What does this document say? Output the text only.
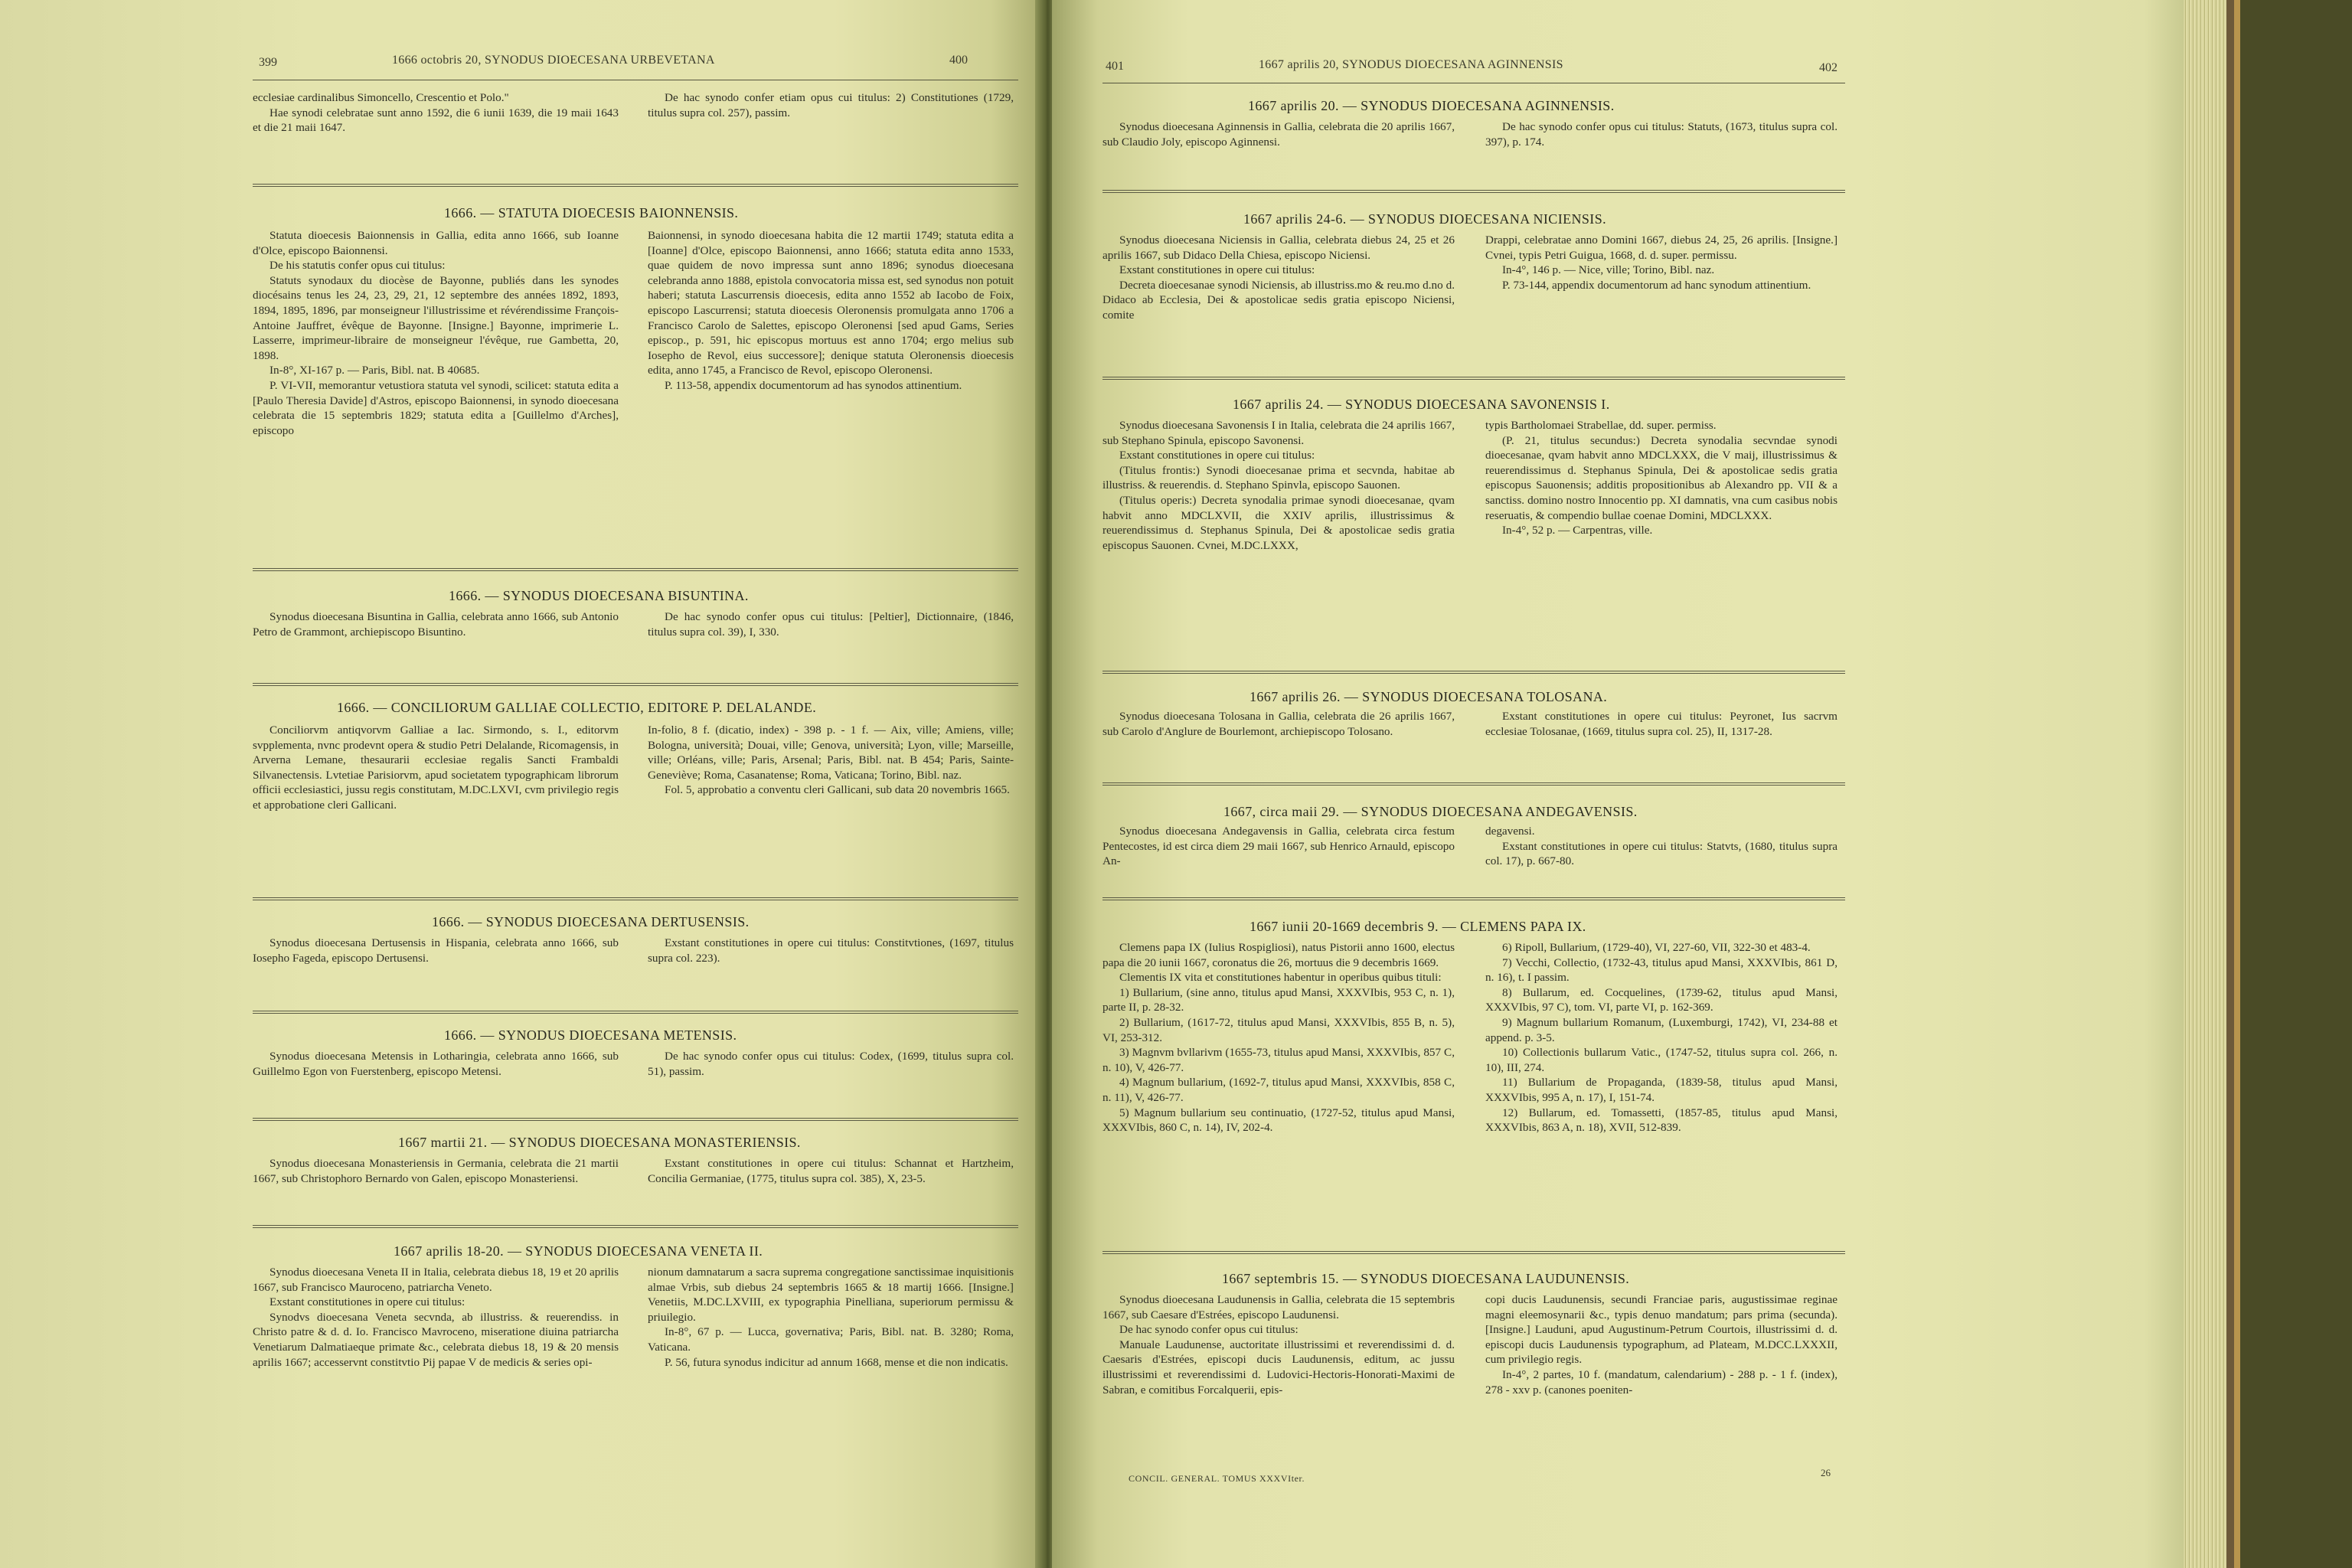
399	1666 octobris 20, SYNODUS DIOECESANA URBEVETANA	400

ecclesiae cardinalibus Simoncello, Crescentio et Polo."

Hae synodi celebratae sunt anno 1592, die 6 iunii 1639, die 19 maii 1643 et die 21 maii 1647.

De hac synodo confer etiam opus cui titulus: 2) Constitutiones (1729, titulus supra col. 257), passim.

1666. — STATUTA DIOECESIS BAIONNENSIS.

Statuta dioecesis Baionnensis in Gallia, edita anno 1666, sub Ioanne d'Olce, episcopo Baionnensi.

De his statutis confer opus cui titulus:

Statuts synodaux du diocèse de Bayonne, publiés dans les synodes diocésains tenus les 24, 23, 29, 21, 12 septembre des années 1892, 1893, 1894, 1895, 1896, par monseigneur l'illustrissime et révérendissime François-Antoine Jauffret, évêque de Bayonne. [Insigne.] Bayonne, imprimerie L. Lasserre, imprimeur-libraire de monseigneur l'évêque, rue Gambetta, 20, 1898.

In-8°, XI-167 p. — Paris, Bibl. nat. B 40685.

P. VI-VII, memorantur vetustiora statuta vel synodi, scilicet: statuta edita a [Paulo Theresia Davide] d'Astros, episcopo Baionnensi, in synodo dioecesana celebrata die 15 septembris 1829; statuta edita a [Guillelmo d'Arches], episcopo

Baionnensi, in synodo dioecesana habita die 12 martii 1749; statuta edita a [Ioanne] d'Olce, episcopo Baionnensi, anno 1666; statuta edita anno 1533, quae quidem de novo impressa sunt anno 1896; synodus dioecesana celebranda anno 1888, epistola convocatoria missa est, sed synodus non potuit haberi; statuta Lascurrensis dioecesis, edita anno 1552 ab Iacobo de Foix, episcopo Lascurrensi; statuta dioecesis Oleronensis promulgata anno 1706 a Francisco Carolo de Salettes, episcopo Oleronensi [sed apud Gams, Series episcop., p. 591, hic episcopus mortuus est anno 1704; ergo melius sub Iosepho de Revol, eius successore]; denique statuta Oleronensis dioecesis edita, anno 1745, a Francisco de Revol, episcopo Oleronensi.

P. 113-58, appendix documentorum ad has synodos attinentium.

1666. — SYNODUS DIOECESANA BISUNTINA.

Synodus dioecesana Bisuntina in Gallia, celebrata anno 1666, sub Antonio Petro de Grammont, archiepiscopo Bisuntino.

De hac synodo confer opus cui titulus: [Peltier], Dictionnaire, (1846, titulus supra col. 39), I, 330.

1666. — CONCILIORUM GALLIAE COLLECTIO, EDITORE P. DELALANDE.

Conciliorvm antiqvorvm Galliae a Iac. Sirmondo, s. I., editorvm svpplementa, nvnc prodevnt opera & studio Petri Delalande, Ricomagensis, in Arverna Lemane, thesaurarii ecclesiae regalis Sancti Frambaldi Silvanectensis. Lvtetiae Parisiorvm, apud societatem typographicam librorum officii ecclesiastici, jussu regis constitutam, M.DC.LXVI, cvm privilegio regis et approbatione cleri Gallicani.

In-folio, 8 f. (dicatio, index) - 398 p. - 1 f. — Aix, ville; Amiens, ville; Bologna, università; Douai, ville; Genova, università; Lyon, ville; Marseille, ville; Orléans, ville; Paris, Arsenal; Paris, Bibl. nat. B 454; Paris, Sainte-Geneviève; Roma, Casanatense; Roma, Vaticana; Torino, Bibl. naz.

Fol. 5, approbatio a conventu cleri Gallicani, sub data 20 novembris 1665.

1666. — SYNODUS DIOECESANA DERTUSENSIS.

Synodus dioecesana Dertusensis in Hispania, celebrata anno 1666, sub Iosepho Fageda, episcopo Dertusensi.

Exstant constitutiones in opere cui titulus: Constitvtiones, (1697, titulus supra col. 223).

1666. — SYNODUS DIOECESANA METENSIS.

Synodus dioecesana Metensis in Lotharingia, celebrata anno 1666, sub Guillelmo Egon von Fuerstenberg, episcopo Metensi.

De hac synodo confer opus cui titulus: Codex, (1699, titulus supra col. 51), passim.

1667 martii 21. — SYNODUS DIOECESANA MONASTERIENSIS.

Synodus dioecesana Monasteriensis in Germania, celebrata die 21 martii 1667, sub Christophoro Bernardo von Galen, episcopo Monasteriensi.

Exstant constitutiones in opere cui titulus: Schannat et Hartzheim, Concilia Germaniae, (1775, titulus supra col. 385), X, 23-5.

1667 aprilis 18-20. — SYNODUS DIOECESANA VENETA II.

Synodus dioecesana Veneta II in Italia, celebrata diebus 18, 19 et 20 aprilis 1667, sub Francisco Mauroceno, patriarcha Veneto.

Exstant constitutiones in opere cui titulus:

Synodvs dioecesana Veneta secvnda, ab illustriss. & reuerendiss. in Christo patre & d. d. Io. Francisco Mavroceno, miseratione diuina patriarcha Venetiarum Dalmatiaeque primate &c., celebrata diebus 18, 19 & 20 mensis aprilis 1667; accesservnt constitvtio Pij papae V de medicis & series opi-

nionum damnatarum a sacra suprema congregatione sanctissimae inquisitionis almae Vrbis, sub diebus 24 septembris 1665 & 18 martij 1666. [Insigne.] Venetiis, M.DC.LXVIII, ex typographia Pinelliana, superiorum permissu & priuilegio.

In-8°, 67 p. — Lucca, governativa; Paris, Bibl. nat. B. 3280; Roma, Vaticana.

P. 56, futura synodus indicitur ad annum 1668, mense et die non indicatis.

401	1667 aprilis 20, SYNODUS DIOECESANA AGINNENSIS	402
1667 aprilis 20. — SYNODUS DIOECESANA AGINNENSIS.

Synodus dioecesana Aginnensis in Gallia, celebrata die 20 aprilis 1667, sub Claudio Joly, episcopo Aginnensi.

De hac synodo confer opus cui titulus: Statuts, (1673, titulus supra col. 397), p. 174.

1667 aprilis 24-6. — SYNODUS DIOECESANA NICIENSIS.

Synodus dioecesana Niciensis in Gallia, celebrata diebus 24, 25 et 26 aprilis 1667, sub Didaco Della Chiesa, episcopo Niciensi.

Exstant constitutiones in opere cui titulus:

Decreta dioecesanae synodi Niciensis, ab illustriss.mo & reu.mo d.no d. Didaco ab Ecclesia, Dei & apostolicae sedis gratia episcopo Niciensi, comite

Drappi, celebratae anno Domini 1667, diebus 24, 25, 26 aprilis. [Insigne.] Cvnei, typis Petri Guigua, 1668, d. d. super. permissu.

In-4°, 146 p. — Nice, ville; Torino, Bibl. naz.

P. 73-144, appendix documentorum ad hanc synodum attinentium.

1667 aprilis 24. — SYNODUS DIOECESANA SAVONENSIS I.

Synodus dioecesana Savonensis I in Italia, celebrata die 24 aprilis 1667, sub Stephano Spinula, episcopo Savonensi.

Exstant constitutiones in opere cui titulus:

(Titulus frontis:) Synodi dioecesanae prima et secvnda, habitae ab illustriss. & reuerendis. d. Stephano Spinvla, episcopo Sauonen.

(Titulus operis:) Decreta synodalia primae synodi dioecesanae, qvam habvit anno MDCLXVII, die XXIV aprilis, illustrissimus & reuerendissimus d. Stephanus Spinula, Dei & apostolicae sedis gratia episcopus Sauonen. Cvnei, M.DC.LXXX,

typis Bartholomaei Strabellae, dd. super. permiss.

(P. 21, titulus secundus:) Decreta synodalia secvndae synodi dioecesanae, qvam habvit anno MDCLXXX, die V maij, illustrissimus & reuerendissimus d. Stephanus Spinula, Dei & apostolicae sedis gratia episcopus Sauonensis; additis propositionibus ab Alexandro pp. VII & a sanctiss. domino nostro Innocentio pp. XI damnatis, vna cum casibus nobis reseruatis, & compendio bullae coenae Domini, MDCLXXX.

In-4°, 52 p. — Carpentras, ville.

1667 aprilis 26. — SYNODUS DIOECESANA TOLOSANA.

Synodus dioecesana Tolosana in Gallia, celebrata die 26 aprilis 1667, sub Carolo d'Anglure de Bourlemont, archiepiscopo Tolosano.

Exstant constitutiones in opere cui titulus: Peyronet, Ius sacrvm ecclesiae Tolosanae, (1669, titulus supra col. 25), II, 1317-28.

1667, circa maii 29. — SYNODUS DIOECESANA ANDEGAVENSIS.

Synodus dioecesana Andegavensis in Gallia, celebrata circa festum Pentecostes, id est circa diem 29 maii 1667, sub Henrico Arnauld, episcopo An-

degavensi.

Exstant constitutiones in opere cui titulus: Statvts, (1680, titulus supra col. 17), p. 667-80.

1667 iunii 20-1669 decembris 9. — CLEMENS PAPA IX.

Clemens papa IX (Iulius Rospigliosi), natus Pistorii anno 1600, electus papa die 20 iunii 1667, coronatus die 26, mortuus die 9 decembris 1669.

Clementis IX vita et constitutiones habentur in operibus quibus tituli:

1) Bullarium, (sine anno, titulus apud Mansi, XXXVIbis, 953 C, n. 1), parte II, p. 28-32.

2) Bullarium, (1617-72, titulus apud Mansi, XXXVIbis, 855 B, n. 5), VI, 253-312.

3) Magnvm bvllarivm (1655-73, titulus apud Mansi, XXXVIbis, 857 C, n. 10), V, 426-77.

4) Magnum bullarium, (1692-7, titulus apud Mansi, XXXVIbis, 858 C, n. 11), V, 426-77.

5) Magnum bullarium seu continuatio, (1727-52, titulus apud Mansi, XXXVIbis, 860 C, n. 14), IV, 202-4.

6) Ripoll, Bullarium, (1729-40), VI, 227-60, VII, 322-30 et 483-4.

7) Vecchi, Collectio, (1732-43, titulus apud Mansi, XXXVIbis, 861 D, n. 16), t. I passim.

8) Bullarum, ed. Cocquelines, (1739-62, titulus apud Mansi, XXXVIbis, 97 C), tom. VI, parte VI, p. 162-369.

9) Magnum bullarium Romanum, (Luxemburgi, 1742), VI, 234-88 et append. p. 3-5.

10) Collectionis bullarum Vatic., (1747-52, titulus supra col. 266, n. 10), III, 274.

11) Bullarium de Propaganda, (1839-58, titulus apud Mansi, XXXVIbis, 995 A, n. 17), I, 151-74.

12) Bullarum, ed. Tomassetti, (1857-85, titulus apud Mansi, XXXVIbis, 863 A, n. 18), XVII, 512-839.

1667 septembris 15. — SYNODUS DIOECESANA LAUDUNENSIS.

Synodus dioecesana Laudunensis in Gallia, celebrata die 15 septembris 1667, sub Caesare d'Estrées, episcopo Laudunensi.

De hac synodo confer opus cui titulus:

Manuale Laudunense, auctoritate illustrissimi et reverendissimi d. d. Caesaris d'Estrées, episcopi ducis Laudunensis, editum, ac jussu illustrissimi et reverendissimi d. Ludovici-Hectoris-Honorati-Maximi de Sabran, e comitibus Forcalquerii, epis-

copi ducis Laudunensis, secundi Franciae paris, augustissimae reginae magni eleemosynarii &c., typis denuo mandatum; pars prima (secunda). [Insigne.] Lauduni, apud Augustinum-Petrum Courtois, illustrissimi d. d. episcopi ducis Laudunensis typographum, ad Plateam, M.DCC.LXXXII, cum privilegio regis.

In-4°, 2 partes, 10 f. (mandatum, calendarium) - 288 p. - 1 f. (index), 278 - xxv p. (canones poeniten-

CONCIL. GENERAL. TOMUS XXXVIter.	26
